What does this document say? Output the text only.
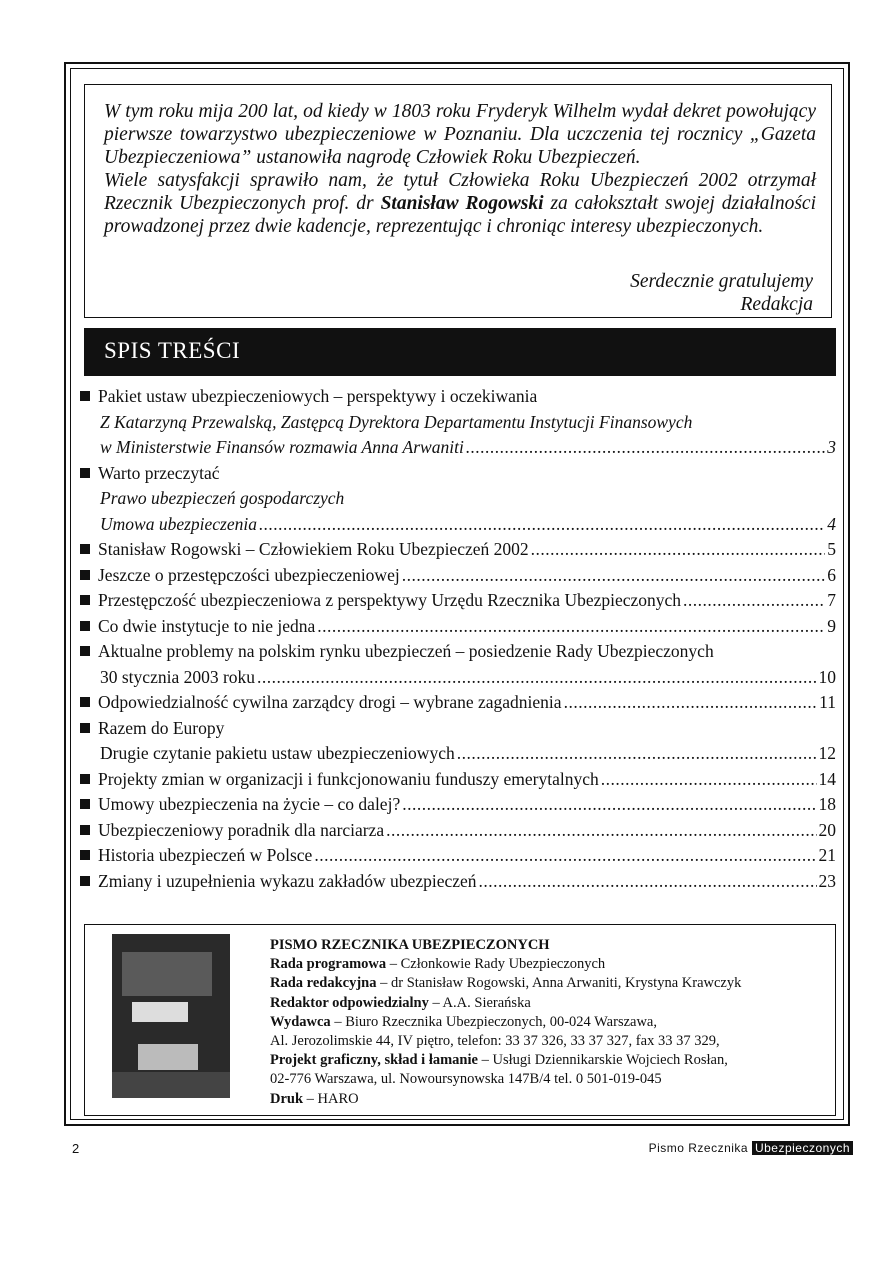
W tym roku mija 200 lat, od kiedy w 1803 roku Fryderyk Wilhelm wydał dekret powołujący pierwsze towarzystwo ubezpieczeniowe w Poznaniu. Dla uczczenia tej rocznicy „Gazeta Ubezpieczeniowa” ustanowiła nagrodę Człowiek Roku Ubezpieczeń.

Wiele satysfakcji sprawiło nam, że tytuł Człowieka Roku Ubezpieczeń 2002 otrzymał Rzecznik Ubezpieczonych prof. dr Stanisław Rogowski za całokształt swojej działalności prowadzonej przez dwie kadencje, reprezentując i chroniąc interesy ubezpieczonych.

Serdecznie gratulujemy
Redakcja
SPIS TREŚCI
Pakiet ustaw ubezpieczeniowych – perspektywy i oczekiwania
Z Katarzyną Przewalską, Zastępcą Dyrektora Departamentu Instytucji Finansowych
w Ministerstwie Finansów rozmawia Anna Arwaniti .....	3
Warto przeczytać
Prawo ubezpieczeń gospodarczych
Umowa ubezpieczenia .....	4
Stanisław Rogowski – Człowiekiem Roku Ubezpieczeń 2002 .....	5
Jeszcze o przestępczości ubezpieczeniowej .....	6
Przestępczość ubezpieczeniowa z perspektywy Urzędu Rzecznika Ubezpieczonych .....	7
Co dwie instytucje to nie jedna .....	9
Aktualne problemy na polskim rynku ubezpieczeń – posiedzenie Rady Ubezpieczonych
30 stycznia 2003 roku .....	10
Odpowiedzialność cywilna zarządcy drogi – wybrane zagadnienia .....	11
Razem do Europy
Drugie czytanie pakietu ustaw ubezpieczeniowych .....	12
Projekty zmian w organizacji i funkcjonowaniu funduszy emerytalnych .....	14
Umowy ubezpieczenia na życie – co dalej? .....	18
Ubezpieczeniowy poradnik dla narciarza .....	20
Historia ubezpieczeń w Polsce .....	21
Zmiany i uzupełnienia wykazu zakładów ubezpieczeń .....	23
PISMO RZECZNIKA UBEZPIECZONYCH
Rada programowa – Członkowie Rady Ubezpieczonych
Rada redakcyjna – dr Stanisław Rogowski, Anna Arwaniti, Krystyna Krawczyk
Redaktor odpowiedzialny – A.A. Sierańska
Wydawca – Biuro Rzecznika Ubezpieczonych, 00-024 Warszawa,
Al. Jerozolimskie 44, IV piętro, telefon: 33 37 326, 33 37 327, fax 33 37 329,
Projekt graficzny, skład i łamanie – Usługi Dziennikarskie Wojciech Rosłan,
02-776 Warszawa, ul. Nowoursynowska 147B/4 tel. 0 501-019-045
Druk – HARO
2	Pismo Rzecznika Ubezpieczonych
